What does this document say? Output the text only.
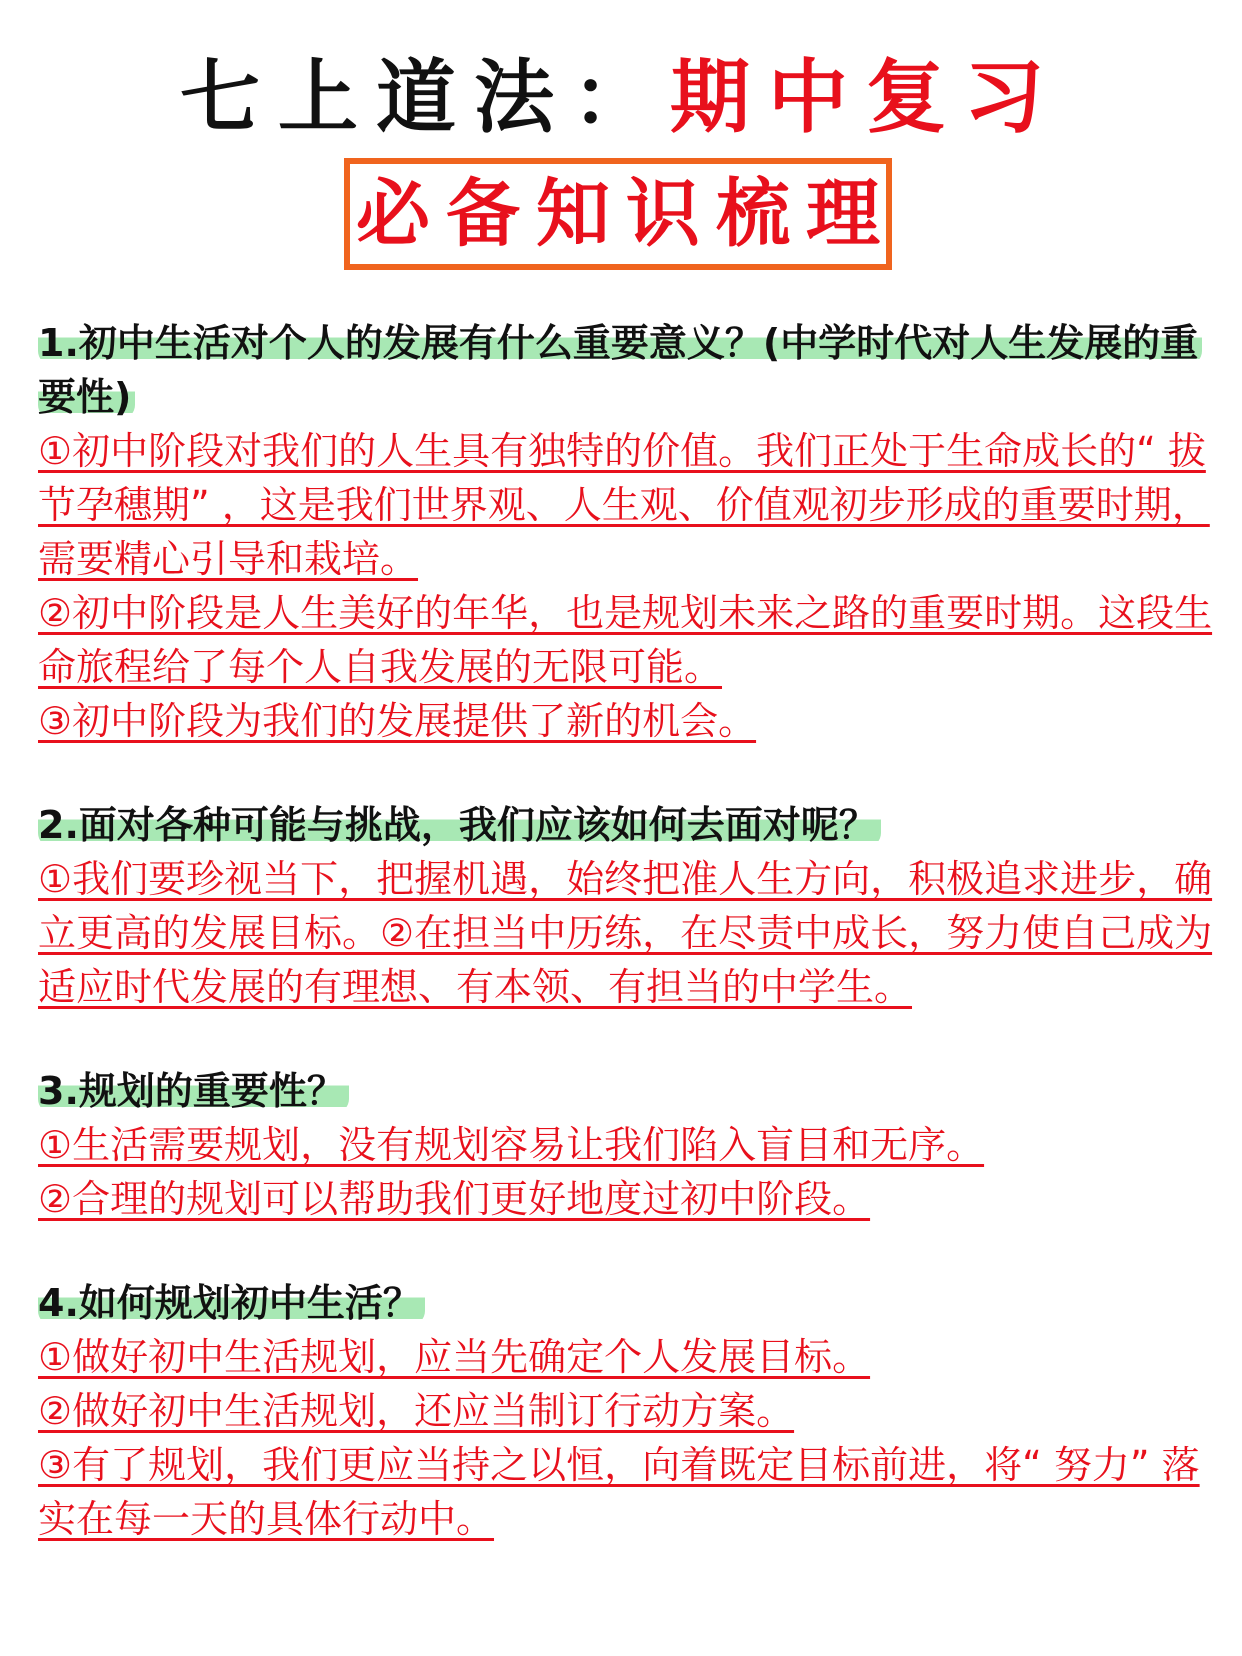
七上道法：期中复习
必备知识梳理

1.初中生活对个人的发展有什么重要意义？(中学时代对人生发展的重要性)

①初中阶段对我们的人生具有独特的价值。我们正处于生命成长的“ 拔节孕穗期” ，这是我们世界观、人生观、价值观初步形成的重要时期，需要精心引导和栽培。

②初中阶段是人生美好的年华，也是规划未来之路的重要时期。这段生命旅程给了每个人自我发展的无限可能。

③初中阶段为我们的发展提供了新的机会。

2.面对各种可能与挑战，我们应该如何去面对呢？

①我们要珍视当下，把握机遇，始终把准人生方向，积极追求进步，确立更高的发展目标。②在担当中历练，在尽责中成长，努力使自己成为适应时代发展的有理想、有本领、有担当的中学生。

3.规划的重要性？

①生活需要规划，没有规划容易让我们陷入盲目和无序。

②合理的规划可以帮助我们更好地度过初中阶段。

4.如何规划初中生活？

①做好初中生活规划，应当先确定个人发展目标。

②做好初中生活规划，还应当制订行动方案。

③有了规划，我们更应当持之以恒，向着既定目标前进，将“ 努力” 落实在每一天的具体行动中。
